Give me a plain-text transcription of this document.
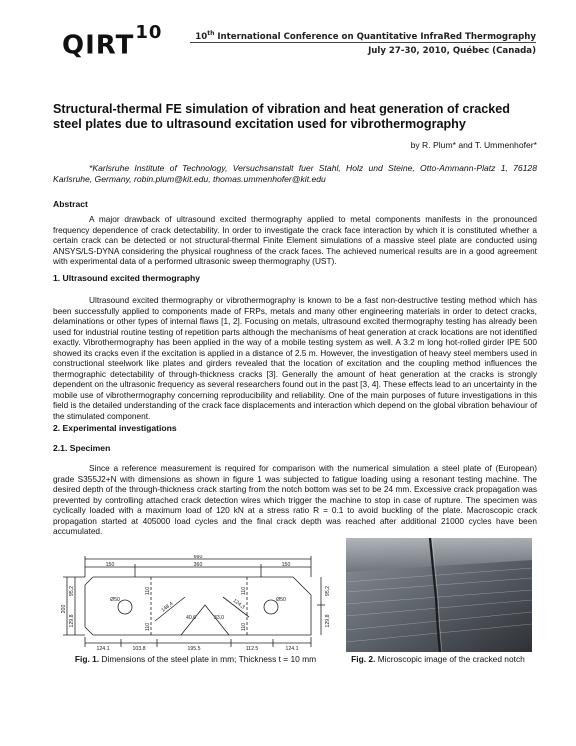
QIRT$^{10}$	10th International Conference on Quantitative InfraRed Thermography
July 27-30, 2010, Québec (Canada)
Structural-thermal FE simulation of vibration and heat generation of cracked steel plates due to ultrasound excitation used for vibrothermography
by R. Plum* and T. Ummenhofer*
*Karlsruhe Institute of Technology, Versuchsanstalt fuer Stahl, Holz und Steine, Otto-Ammann-Platz 1, 76128 Karlsruhe, Germany, robin.plum@kit.edu, thomas.ummenhofer@kit.edu
Abstract
A major drawback of ultrasound excited thermography applied to metal components manifests in the pronounced frequency dependence of crack detectability. In order to investigate the crack face interaction by which it is constituted whether a certain crack can be detected or not structural-thermal Finite Element simulations of a massive steel plate are conducted using ANSYS/LS-DYNA considering the physical roughness of the crack faces. The achieved numerical results are in a good agreement with experimental data of a performed ultrasonic sweep thermography (UST).
1. Ultrasound excited thermography
Ultrasound excited thermography or vibrothermography is known to be a fast non-destructive testing method which has been successfully applied to components made of FRPs, metals and many other engineering materials in order to detect cracks, delaminations or other types of internal flaws [1, 2]. Focusing on metals, ultrasound excited thermography testing has already been used for industrial routine testing of repetition parts although the mechanisms of heat generation at crack locations are not identified exactly. Vibrothermography has been applied in the way of a mobile testing system as well. A 3.2 m long hot-rolled girder IPE 500 showed its cracks even if the excitation is applied in a distance of 2.5 m. However, the investigation of heavy steel members used in constructional steelwork like plates and girders revealed that the location of excitation and the coupling method influences the thermographic detectability of through-thickness cracks [3]. Generally the amount of heat generation at the cracks is strongly dependent on the ultrasonic frequency as several researchers found out in the past [3, 4]. These effects lead to an uncertainty in the mobile use of vibrothermography concerning reproducibility and reliability. One of the main purposes of future investigations in this field is the detailed understanding of the crack face displacements and interaction which depend on the global vibration behaviour of the stimulated component.
2. Experimental investigations
2.1. Specimen
Since a reference measurement is required for comparison with the numerical simulation a steel plate of (European) grade S355J2+N with dimensions as shown in figure 1 was subjected to fatigue loading using a resonant testing machine. The desired depth of the through-thickness crack starting from the notch bottom was set to be 24 mm. Excessive crack propagation was prevented by controlling attached crack detection wires which trigger the machine to stop in case of rupture. The specimen was cyclically loaded with a maximum load of 120 kN at a stress ratio R = 0.1 to avoid buckling of the plate. Macroscopic crack propagation started at 405000 load cycles and the final crack depth was reached after additional 21000 cycles have been accumulated.
660
150	360	150
200
95,2
129,8
95,2
129,8
Ø50	Ø50
110
110
110
110
148,4	124,3
40,6	33,0
124,1	103,8	195,5	112,5	124,1
Fig. 1. Dimensions of the steel plate in mm; Thickness t = 10 mm	Fig. 2. Microscopic image of the cracked notch
